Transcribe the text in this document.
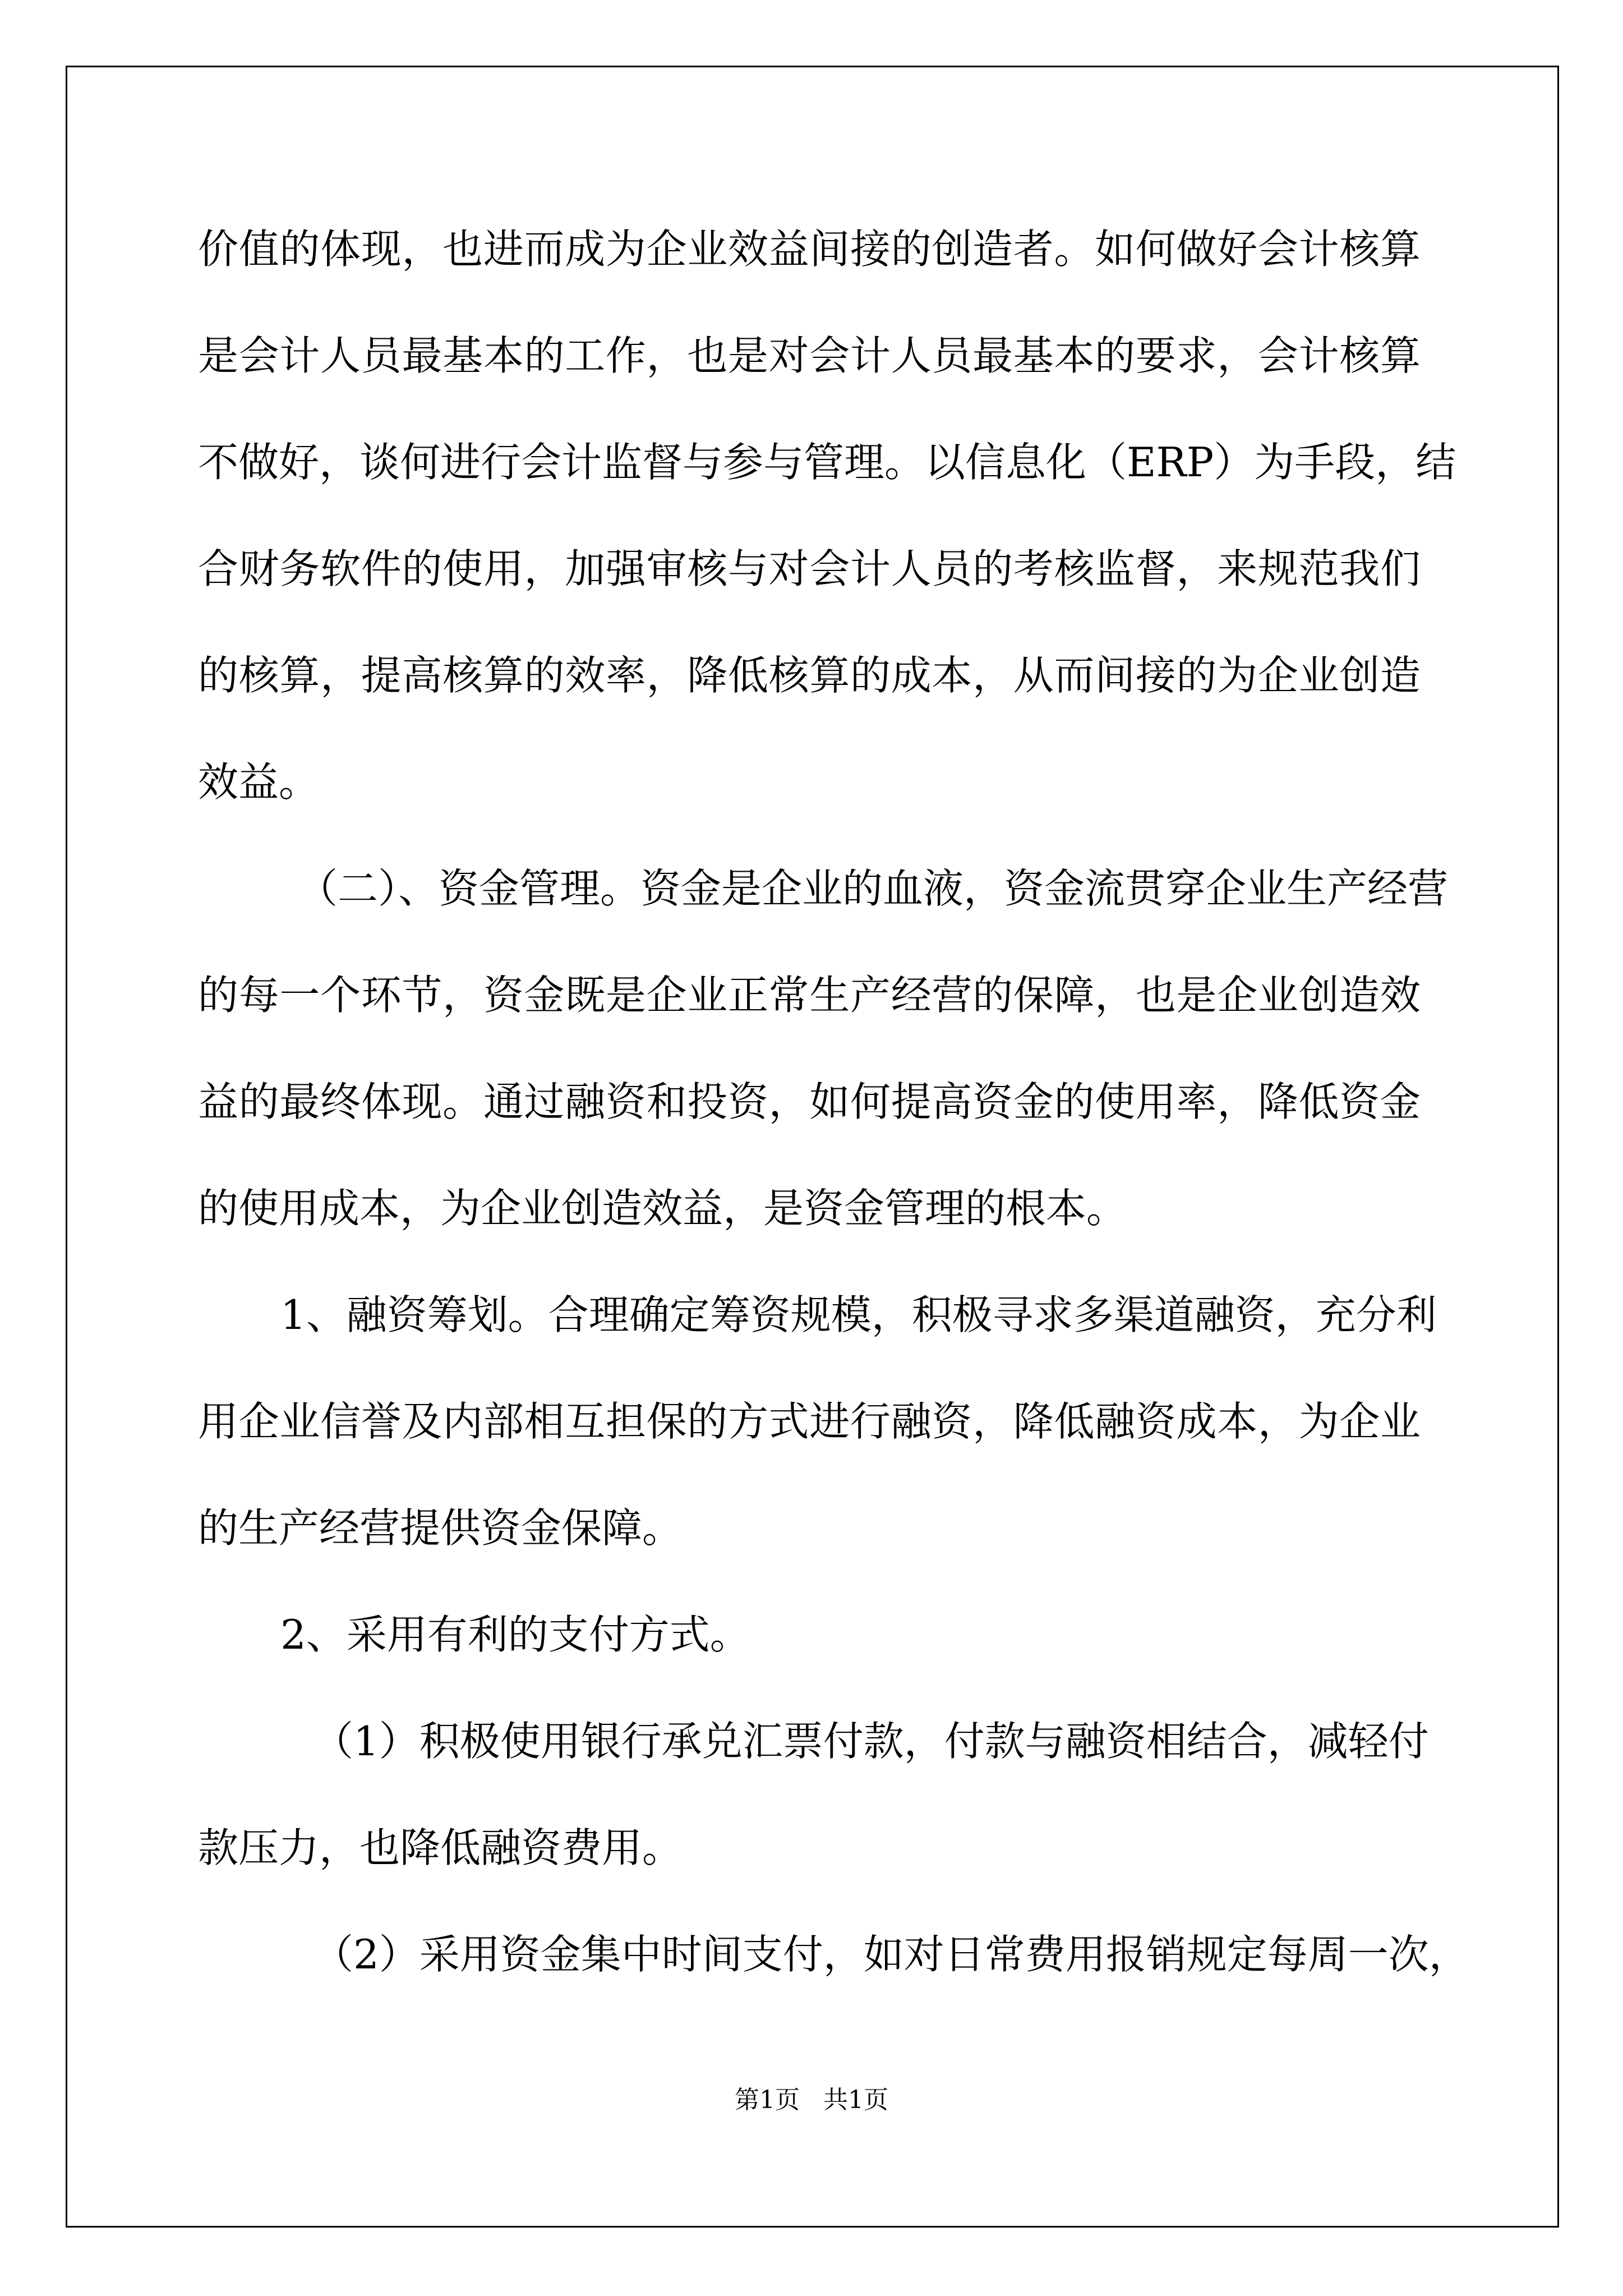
价值的体现，也进而成为企业效益间接的创造者。如何做好会计核算

是会计人员最基本的工作，也是对会计人员最基本的要求，会计核算

不做好，谈何进行会计监督与参与管理。以信息化（ERP）为手段，结

合财务软件的使用，加强审核与对会计人员的考核监督，来规范我们

的核算，提高核算的效率，降低核算的成本，从而间接的为企业创造

效益。

（二）、资金管理。资金是企业的血液，资金流贯穿企业生产经营

的每一个环节，资金既是企业正常生产经营的保障，也是企业创造效

益的最终体现。通过融资和投资，如何提高资金的使用率，降低资金

的使用成本，为企业创造效益，是资金管理的根本。

1、融资筹划。合理确定筹资规模，积极寻求多渠道融资，充分利

用企业信誉及内部相互担保的方式进行融资，降低融资成本，为企业

的生产经营提供资金保障。

2、采用有利的支付方式。

（1）积极使用银行承兑汇票付款，付款与融资相结合，减轻付

款压力，也降低融资费用。

（2）采用资金集中时间支付，如对日常费用报销规定每周一次，

第1页   共1页
